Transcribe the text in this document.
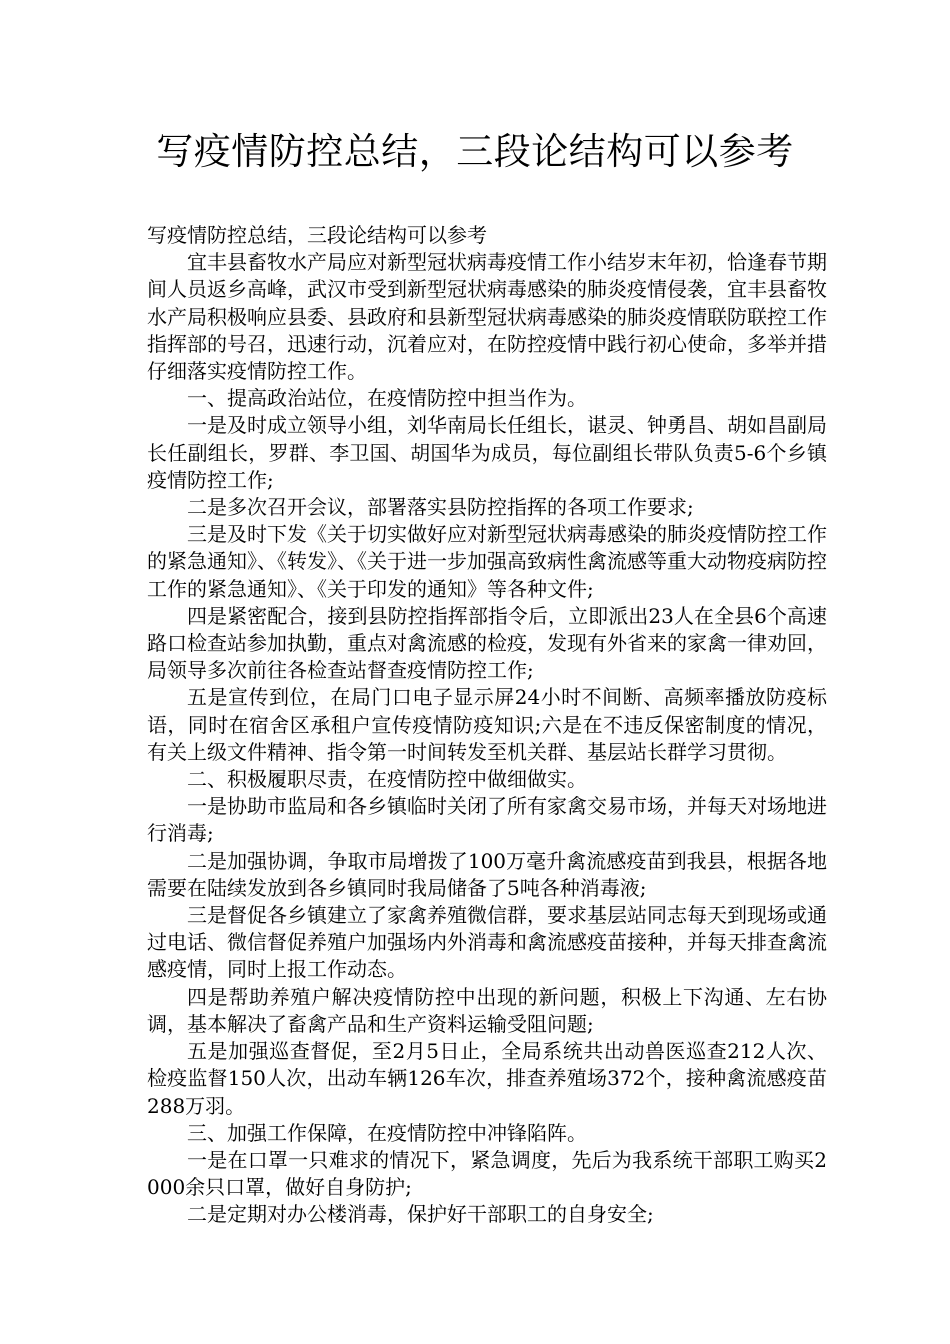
写疫情防控总结，三段论结构可以参考

写疫情防控总结，三段论结构可以参考

宜丰县畜牧水产局应对新型冠状病毒疫情工作小结岁末年初，恰逢春节期间人员返乡高峰，武汉市受到新型冠状病毒感染的肺炎疫情侵袭，宜丰县畜牧水产局积极响应县委、县政府和县新型冠状病毒感染的肺炎疫情联防联控工作指挥部的号召，迅速行动，沉着应对，在防控疫情中践行初心使命，多举并措仔细落实疫情防控工作。

一、提高政治站位，在疫情防控中担当作为。

一是及时成立领导小组，刘华南局长任组长，谌灵、钟勇昌、胡如昌副局长任副组长，罗群、李卫国、胡国华为成员，每位副组长带队负责5-6个乡镇疫情防控工作;

二是多次召开会议，部署落实县防控指挥的各项工作要求;

三是及时下发《关于切实做好应对新型冠状病毒感染的肺炎疫情防控工作的紧急通知》、《转发》、《关于进一步加强高致病性禽流感等重大动物疫病防控工作的紧急通知》、《关于印发的通知》等各种文件;

四是紧密配合，接到县防控指挥部指令后，立即派出23人在全县6个高速路口检查站参加执勤，重点对禽流感的检疫，发现有外省来的家禽一律劝回，局领导多次前往各检查站督查疫情防控工作;

五是宣传到位，在局门口电子显示屏24小时不间断、高频率播放防疫标语，同时在宿舍区承租户宣传疫情防疫知识;六是在不违反保密制度的情况，有关上级文件精神、指令第一时间转发至机关群、基层站长群学习贯彻。

二、积极履职尽责，在疫情防控中做细做实。

一是协助市监局和各乡镇临时关闭了所有家禽交易市场，并每天对场地进行消毒;

二是加强协调，争取市局增拨了100万毫升禽流感疫苗到我县，根据各地需要在陆续发放到各乡镇同时我局储备了5吨各种消毒液;

三是督促各乡镇建立了家禽养殖微信群，要求基层站同志每天到现场或通过电话、微信督促养殖户加强场内外消毒和禽流感疫苗接种，并每天排查禽流感疫情，同时上报工作动态。

四是帮助养殖户解决疫情防控中出现的新问题，积极上下沟通、左右协调，基本解决了畜禽产品和生产资料运输受阻问题;

五是加强巡查督促，至2月5日止，全局系统共出动兽医巡查212人次、检疫监督150人次，出动车辆126车次，排查养殖场372个，接种禽流感疫苗288万羽。

三、加强工作保障，在疫情防控中冲锋陷阵。

一是在口罩一只难求的情况下，紧急调度，先后为我系统干部职工购买2000余只口罩，做好自身防护;

二是定期对办公楼消毒，保护好干部职工的自身安全;
